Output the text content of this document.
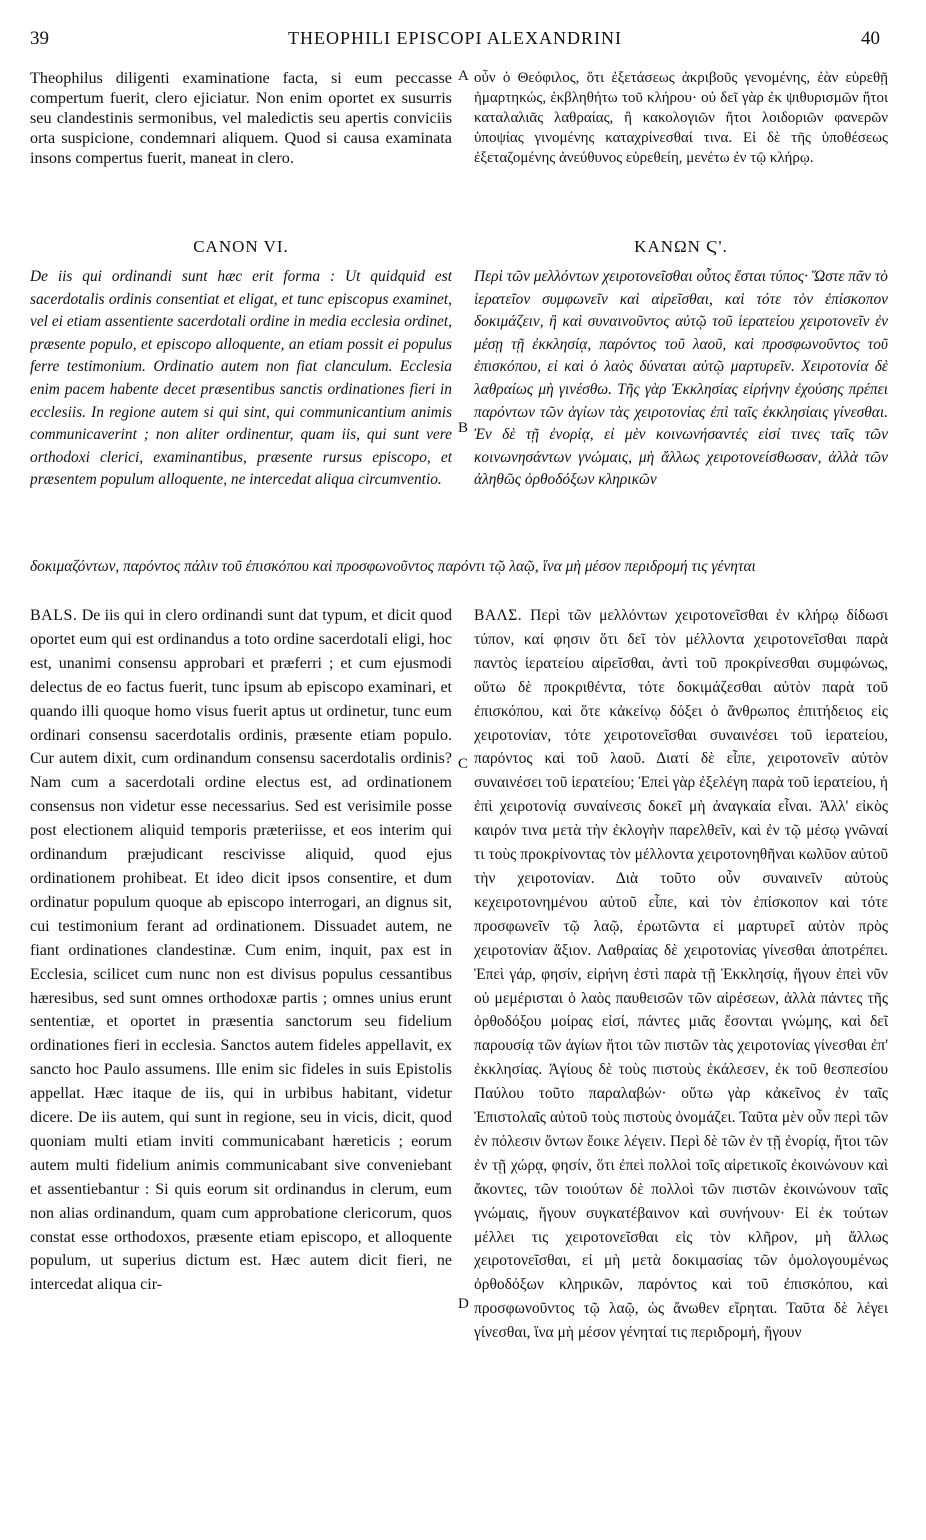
39	THEOPHILI EPISCOPI ALEXANDRINI	40
A
B
C
D

Theophilus diligenti examinatione facta, si eum peccasse compertum fuerit, clero ejiciatur. Non enim oportet ex susurris seu clandestinis sermonibus, vel maledictis seu apertis conviciis orta suspicione, condemnari aliquem. Quod si causa examinata insons compertus fuerit, maneat in clero.

οὖν ὁ Θεόφιλος, ὅτι ἐξετάσεως ἀκριβοῦς γενομένης, ἐὰν εὑρεθῇ ἡμαρτηκώς, ἐκβληθήτω τοῦ κλήρου· οὐ δεῖ γὰρ ἐκ ψιθυρισμῶν ἤτοι καταλαλιᾶς λαθραίας, ἢ κακολογιῶν ἤτοι λοιδοριῶν φανερῶν ὑποψίας γινομένης καταχρίνεσθαί τινα. Εἰ δὲ τῆς ὑποθέσεως ἐξεταζομένης ἀνεύθυνος εὑρεθείη, μενέτω ἐν τῷ κλήρῳ.

CANON VI.	ΚΑΝΩΝ Ϛ'.

De iis qui ordinandi sunt hæc erit forma : Ut quidquid est sacerdotalis ordinis consentiat et eligat, et tunc episcopus examinet, vel ei etiam assentiente sacerdotali ordine in media ecclesia ordinet, præsente populo, et episcopo alloquente, an etiam possit ei populus ferre testimonium. Ordinatio autem non fiat clanculum. Ecclesia enim pacem habente decet præsentibus sanctis ordinationes fieri in ecclesiis. In regione autem si qui sint, qui communicantium animis communicaverint ; non aliter ordinentur, quam iis, qui sunt vere orthodoxi clerici, examinantibus, præsente rursus episcopo, et præsentem populum alloquente, ne intercedat aliqua circumventio.

Περὶ τῶν μελλόντων χειροτονεῖσθαι οὗτος ἔσται τύπος· Ὥστε πᾶν τὸ ἱερατεῖον συμφωνεῖν καὶ αἱρεῖσθαι, καὶ τότε τὸν ἐπίσκοπον δοκιμάζειν, ἢ καὶ συναινοῦντος αὐτῷ τοῦ ἱερατείου χειροτονεῖν ἐν μέσῃ τῇ ἐκκλησίᾳ, παρόντος τοῦ λαοῦ, καὶ προσφωνοῦντος τοῦ ἐπισκόπου, εἰ καὶ ὁ λαὸς δύναται αὐτῷ μαρτυρεῖν. Χειροτονία δὲ λαθραίως μὴ γινέσθω. Τῆς γὰρ Ἐκκλησίας εἰρήνην ἐχούσης πρέπει παρόντων τῶν ἁγίων τὰς χειροτονίας ἐπὶ ταῖς ἐκκλησίαις γίνεσθαι. Ἐν δὲ τῇ ἐνορίᾳ, εἰ μὲν κοινωνήσαντές εἰσί τινες ταῖς τῶν κοινωνησάντων γνώμαις, μὴ ἄλλως χειροτονείσθωσαν, ἀλλὰ τῶν ἀληθῶς ὀρθοδόξων κληρικῶν

δοκιμαζόντων, παρόντος πάλιν τοῦ ἐπισκόπου καὶ προσφωνοῦντος παρόντι τῷ λαῷ, ἵνα μὴ μέσον περιδρομή τις γένηται

BALS. De iis qui in clero ordinandi sunt dat typum, et dicit quod oportet eum qui est ordinandus a toto ordine sacerdotali eligi, hoc est, unanimi consensu approbari et præferri ; et cum ejusmodi delectus de eo factus fuerit, tunc ipsum ab episcopo examinari, et quando illi quoque homo visus fuerit aptus ut ordinetur, tunc eum ordinari consensu sacerdotalis ordinis, præsente etiam populo. Cur autem dixit, cum ordinandum consensu sacerdotalis ordinis? Nam cum a sacerdotali ordine electus est, ad ordinationem consensus non videtur esse necessarius. Sed est verisimile posse post electionem aliquid temporis præteriisse, et eos interim qui ordinandum præjudicant rescivisse aliquid, quod ejus ordinationem prohibeat. Et ideo dicit ipsos consentire, et dum ordinatur populum quoque ab episcopo interrogari, an dignus sit, cui testimonium ferant ad ordinationem. Dissuadet autem, ne fiant ordinationes clandestinæ. Cum enim, inquit, pax est in Ecclesia, scilicet cum nunc non est divisus populus cessantibus hæresibus, sed sunt omnes orthodoxæ partis ; omnes unius erunt sententiæ, et oportet in præsentia sanctorum seu fidelium ordinationes fieri in ecclesia. Sanctos autem fideles appellavit, ex sancto hoc Paulo assumens. Ille enim sic fideles in suis Epistolis appellat. Hæc itaque de iis, qui in urbibus habitant, videtur dicere. De iis autem, qui sunt in regione, seu in vicis, dicit, quod quoniam multi etiam inviti communicabant hæreticis ; eorum autem multi fidelium animis communicabant sive conveniebant et assentiebantur : Si quis eorum sit ordinandus in clerum, eum non alias ordinandum, quam cum approbatione clericorum, quos constat esse orthodoxos, præsente etiam episcopo, et alloquente populum, ut superius dictum est. Hæc autem dicit fieri, ne intercedat aliqua cir-

ΒΑΛΣ. Περὶ τῶν μελλόντων χειροτονεῖσθαι ἐν κλήρῳ δίδωσι τύπον, καί φησιν ὅτι δεῖ τὸν μέλλοντα χειροτονεῖσθαι παρὰ παντὸς ἱερατείου αἱρεῖσθαι, ἀντὶ τοῦ προκρίνεσθαι συμφώνως, οὕτω δὲ προκριθέντα, τότε δοκιμάζεσθαι αὐτὸν παρὰ τοῦ ἐπισκόπου, καὶ ὅτε κἀκείνῳ δόξει ὁ ἄνθρωπος ἐπιτήδειος εἰς χειροτονίαν, τότε χειροτονεῖσθαι συναινέσει τοῦ ἱερατείου, παρόντος καὶ τοῦ λαοῦ. Διατί δὲ εἶπε, χειροτονεῖν αὐτὸν συναινέσει τοῦ ἱερατείου; Ἐπεὶ γὰρ ἐξελέγη παρὰ τοῦ ἱερατείου, ἡ ἐπὶ χειροτονίᾳ συναίνεσις δοκεῖ μὴ ἀναγκαία εἶναι. Ἀλλ' εἰκὸς καιρόν τινα μετὰ τὴν ἐκλογὴν παρελθεῖν, καὶ ἐν τῷ μέσῳ γνῶναί τι τοὺς προκρίνοντας τὸν μέλλοντα χειροτονηθῆναι κωλῦον αὐτοῦ τὴν χειροτονίαν. Διὰ τοῦτο οὖν συναινεῖν αὐτοὺς κεχειροτονημένου αὐτοῦ εἶπε, καὶ τὸν ἐπίσκοπον καὶ τότε προσφωνεῖν τῷ λαῷ, ἐρωτῶντα εἰ μαρτυρεῖ αὐτὸν πρὸς χειροτονίαν ἄξιον. Λαθραίας δὲ χειροτονίας γίνεσθαι ἀποτρέπει. Ἐπεὶ γάρ, φησίν, εἰρήνη ἐστὶ παρὰ τῇ Ἐκκλησίᾳ, ἤγουν ἐπεὶ νῦν οὐ μεμέρισται ὁ λαὸς παυθεισῶν τῶν αἱρέσεων, ἀλλὰ πάντες τῆς ὀρθοδόξου μοίρας εἰσί, πάντες μιᾶς ἔσονται γνώμης, καὶ δεῖ παρουσίᾳ τῶν ἁγίων ἤτοι τῶν πιστῶν τὰς χειροτονίας γίνεσθαι ἐπ' ἐκκλησίας. Ἁγίους δὲ τοὺς πιστοὺς ἐκάλεσεν, ἐκ τοῦ θεσπεσίου Παύλου τοῦτο παραλαβών· οὕτω γὰρ κἀκεῖνος ἐν ταῖς Ἐπιστολαῖς αὐτοῦ τοὺς πιστοὺς ὀνομάζει. Ταῦτα μὲν οὖν περὶ τῶν ἐν πόλεσιν ὄντων ἔοικε λέγειν. Περὶ δὲ τῶν ἐν τῇ ἐνορίᾳ, ἤτοι τῶν ἐν τῇ χώρᾳ, φησίν, ὅτι ἐπεὶ πολλοὶ τοῖς αἱρετικοῖς ἐκοινώνουν καὶ ἄκοντες, τῶν τοιούτων δὲ πολλοὶ τῶν πιστῶν ἐκοινώνουν ταῖς γνώμαις, ἤγουν συγκατέβαινον καὶ συνήνουν· Εἰ ἐκ τούτων μέλλει τις χειροτονεῖσθαι εἰς τὸν κλῆρον, μὴ ἄλλως χειροτονεῖσθαι, εἰ μὴ μετὰ δοκιμασίας τῶν ὁμολογουμένως ὀρθοδόξων κληρικῶν, παρόντος καὶ τοῦ ἐπισκόπου, καὶ προσφωνοῦντος τῷ λαῷ, ὡς ἄνωθεν εἴρηται. Ταῦτα δὲ λέγει γίνεσθαι, ἵνα μὴ μέσον γένηταί τις περιδρομή, ἤγουν
